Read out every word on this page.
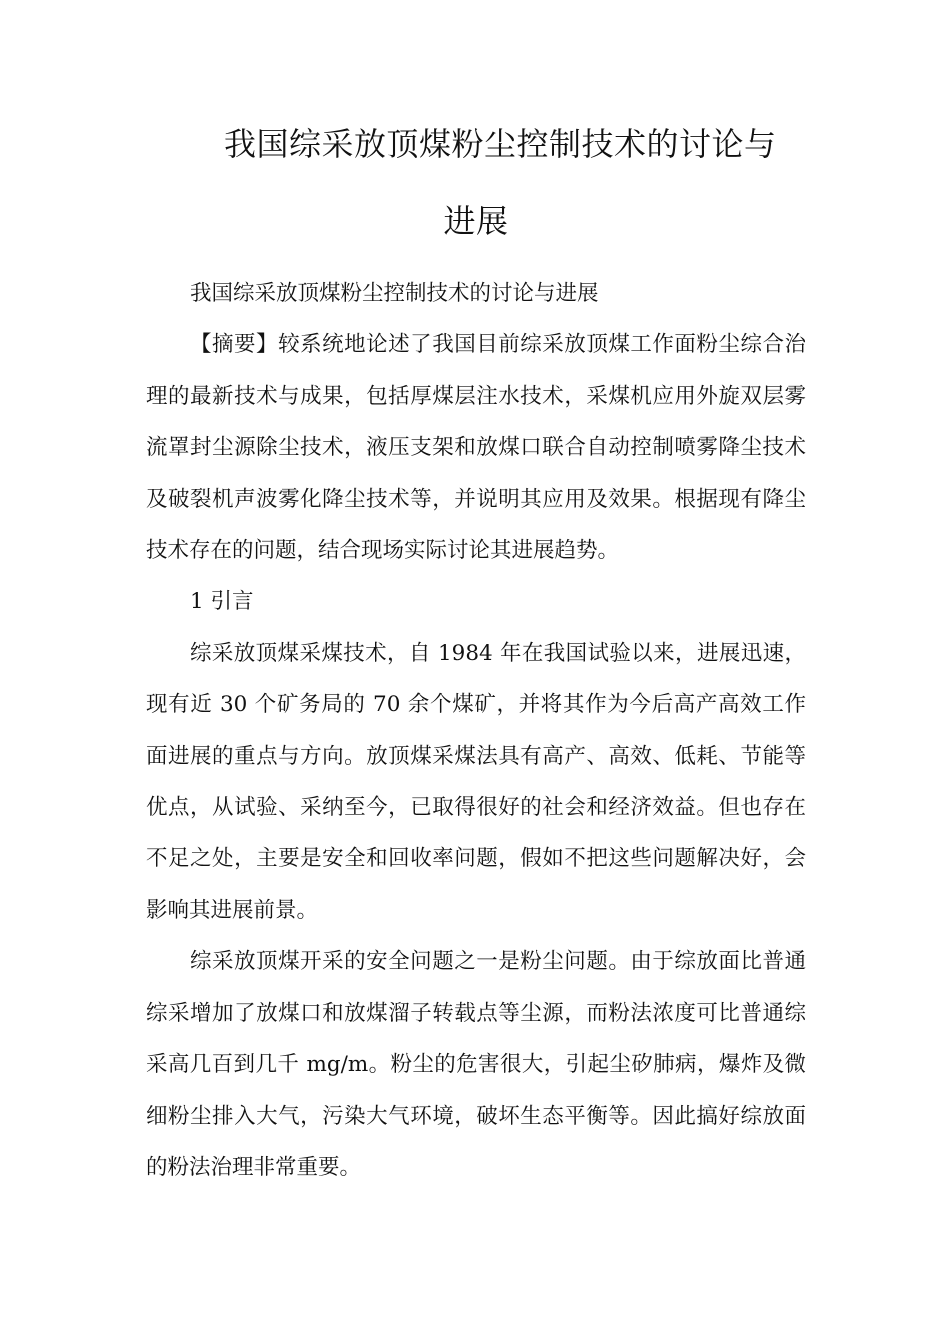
我国综采放顶煤粉尘控制技术的讨论与
进展

我国综采放顶煤粉尘控制技术的讨论与进展

【摘要】较系统地论述了我国目前综采放顶煤工作面粉尘综合治理的最新技术与成果，包括厚煤层注水技术，采煤机应用外旋双层雾流罩封尘源除尘技术，液压支架和放煤口联合自动控制喷雾降尘技术及破裂机声波雾化降尘技术等，并说明其应用及效果。根据现有降尘技术存在的问题，结合现场实际讨论其进展趋势。

1 引言

综采放顶煤采煤技术，自 1984 年在我国试验以来，进展迅速，现有近 30 个矿务局的 70 余个煤矿，并将其作为今后高产高效工作面进展的重点与方向。放顶煤采煤法具有高产、高效、低耗、节能等优点，从试验、采纳至今，已取得很好的社会和经济效益。但也存在不足之处，主要是安全和回收率问题，假如不把这些问题解决好，会影响其进展前景。

综采放顶煤开采的安全问题之一是粉尘问题。由于综放面比普通综采增加了放煤口和放煤溜子转载点等尘源，而粉法浓度可比普通综采高几百到几千 mg/m。粉尘的危害很大，引起尘矽肺病，爆炸及微细粉尘排入大气，污染大气环境，破坏生态平衡等。因此搞好综放面的粉法治理非常重要。
